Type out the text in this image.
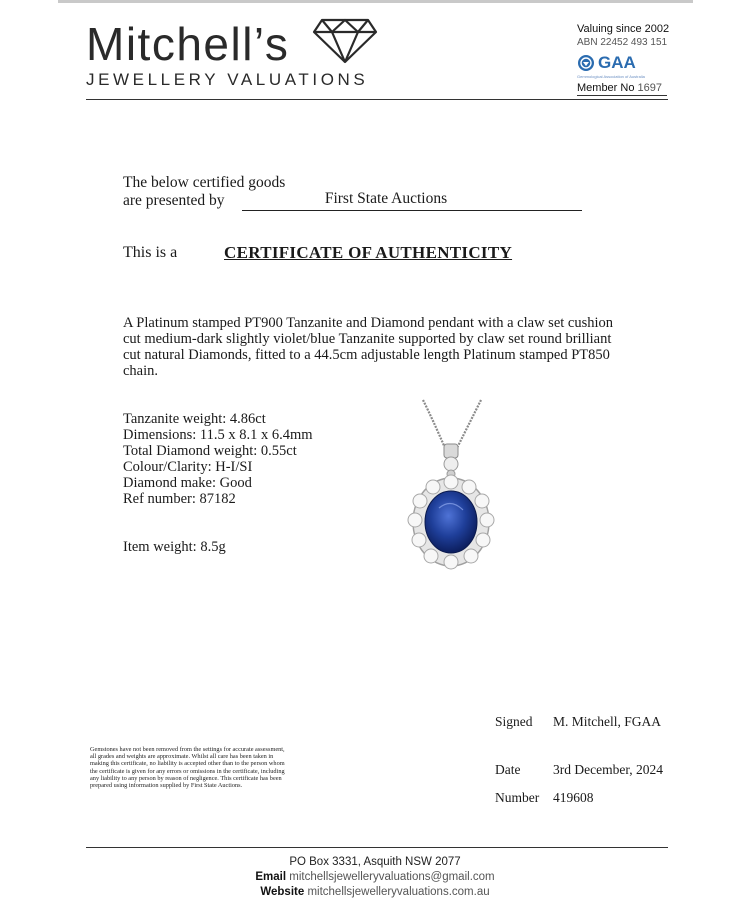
Mitchell’s
JEWELLERY VALUATIONS
Valuing since 2002
ABN 22452 493 151
GAA
Gemmological Association of Australia
Member No 1697
The below certified goods
are presented by	First State Auctions
This is a	CERTIFICATE OF AUTHENTICITY
A Platinum stamped PT900 Tanzanite and Diamond pendant with a claw set cushion cut medium-dark slightly violet/blue Tanzanite supported by claw set round brilliant cut natural Diamonds, fitted to a 44.5cm adjustable length Platinum stamped PT850 chain.
Tanzanite weight: 4.86ct
Dimensions: 11.5 x 8.1 x 6.4mm
Total Diamond weight: 0.55ct
Colour/Clarity: H-I/SI
Diamond make: Good
Ref number: 87182
Item weight: 8.5g
Signed M. Mitchell, FGAA
Date 3rd December, 2024
Number 419608
Gemstones have not been removed from the settings for accurate assessment, all grades and weights are approximate. Whilst all care has been taken in making this certificate, no liability is accepted other than to the person whom the certificate is given for any errors or omissions in the certificate, including any liability to any person by reason of negligence. This certificate has been prepared using information supplied by First State Auctions.
PO Box 3331, Asquith NSW 2077
Email mitchellsjewelleryvaluations@gmail.com
Website mitchellsjewelleryvaluations.com.au
